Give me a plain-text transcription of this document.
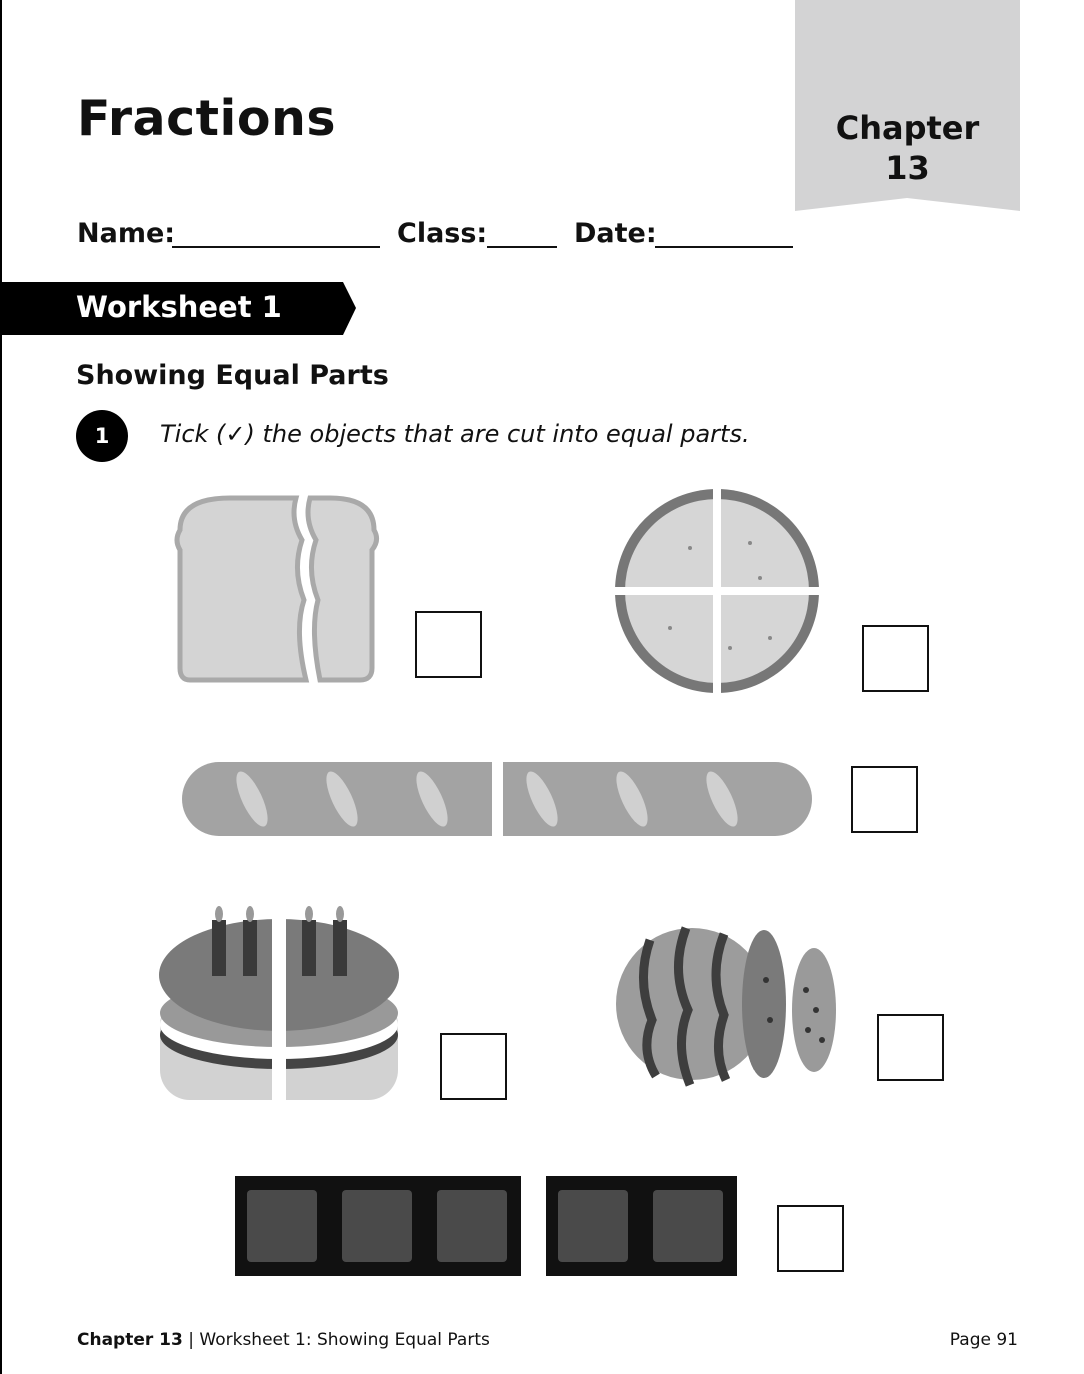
Fractions	Chapter
13
Name:	Class:	Date:
Worksheet 1
Showing Equal Parts
1	Tick (✓) the objects that are cut into equal parts.
Chapter 13 | Worksheet 1: Showing Equal Parts	Page 91
